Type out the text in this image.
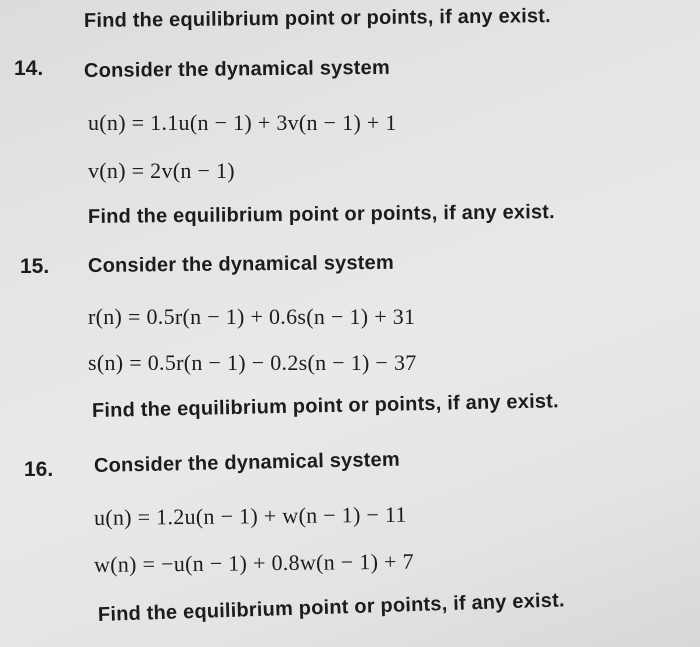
Find the equilibrium point or points, if any exist.
14. Consider the dynamical system
u(n) = 1.1u(n − 1) + 3v(n − 1) + 1
v(n) = 2v(n − 1)
Find the equilibrium point or points, if any exist.
15. Consider the dynamical system
r(n) = 0.5r(n − 1) + 0.6s(n − 1) + 31
s(n) = 0.5r(n − 1) − 0.2s(n − 1) − 37
Find the equilibrium point or points, if any exist.
16. Consider the dynamical system
u(n) = 1.2u(n − 1) + w(n − 1) − 11
w(n) = −u(n − 1) + 0.8w(n − 1) + 7
Find the equilibrium point or points, if any exist.
